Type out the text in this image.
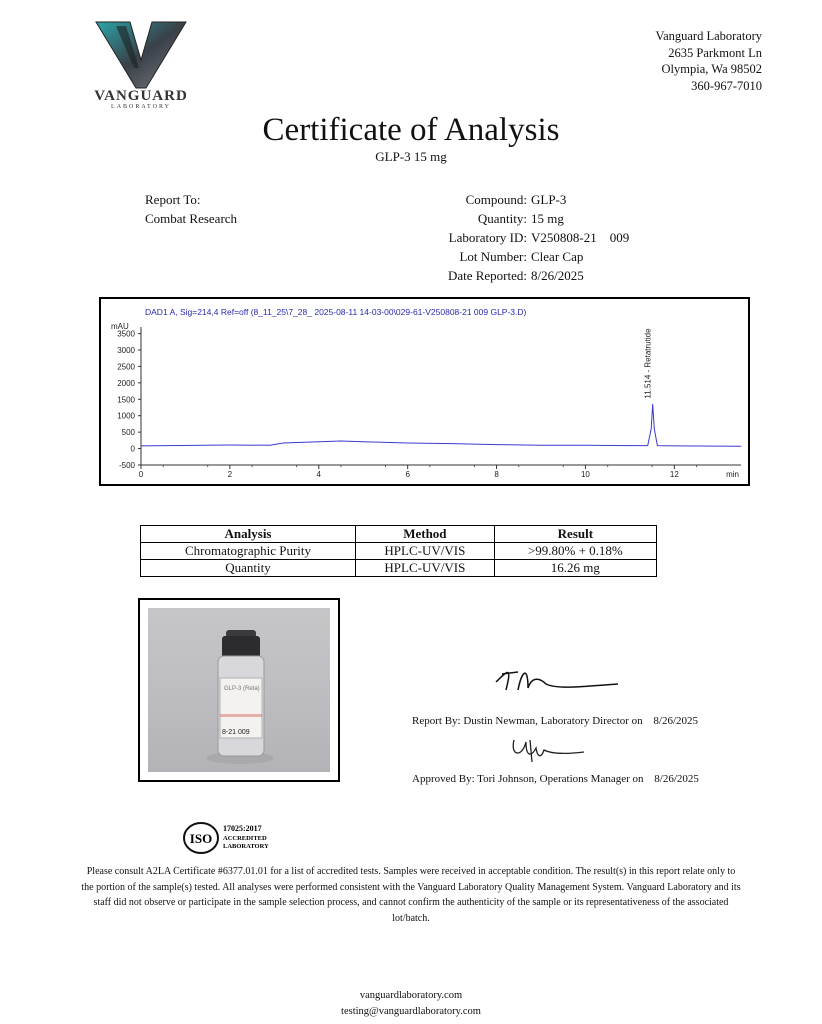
VANGUARD
LABORATORY
Vanguard Laboratory
2635 Parkmont Ln
Olympia, Wa 98502
360-967-7010
Certificate of Analysis
GLP-3 15 mg
Report To:
Combat Research
Compound: GLP-3
Quantity: 15 mg
Laboratory ID: V250808-21    009
Lot Number: Clear Cap
Date Reported: 8/26/2025
DAD1 A, Sig=214,4 Ref=off (8_11_25\7_28_ 2025-08-11 14-03-00\029-61-V250808-21 009 GLP-3.D)
mAU
-500
0
500
1000
1500
2000
2500
3000
3500
0	2	4	6	8	10	12	min
11.514 - Retatrutide
Analysis	Method	Result
Chromatographic Purity	HPLC-UV/VIS	>99.80% + 0.18%
Quantity	HPLC-UV/VIS	16.26 mg
GLP-3 (Reta)
8-21 009
Report By: Dustin Newman, Laboratory Director on 8/26/2025
Approved By: Tori Johnson, Operations Manager on 8/26/2025
ISO
17025:2017
ACCREDITED
LABORATORY
Please consult A2LA Certificate #6377.01.01 for a list of accredited tests. Samples were received in acceptable condition. The result(s) in this report relate only to the portion of the sample(s) tested. All analyses were performed consistent with the Vanguard Laboratory Quality Management System. Vanguard Laboratory and its staff did not observe or participate in the sample selection process, and cannot confirm the authenticity of the sample or its representativeness of the associated lot/batch.
vanguardlaboratory.com
testing@vanguardlaboratory.com
